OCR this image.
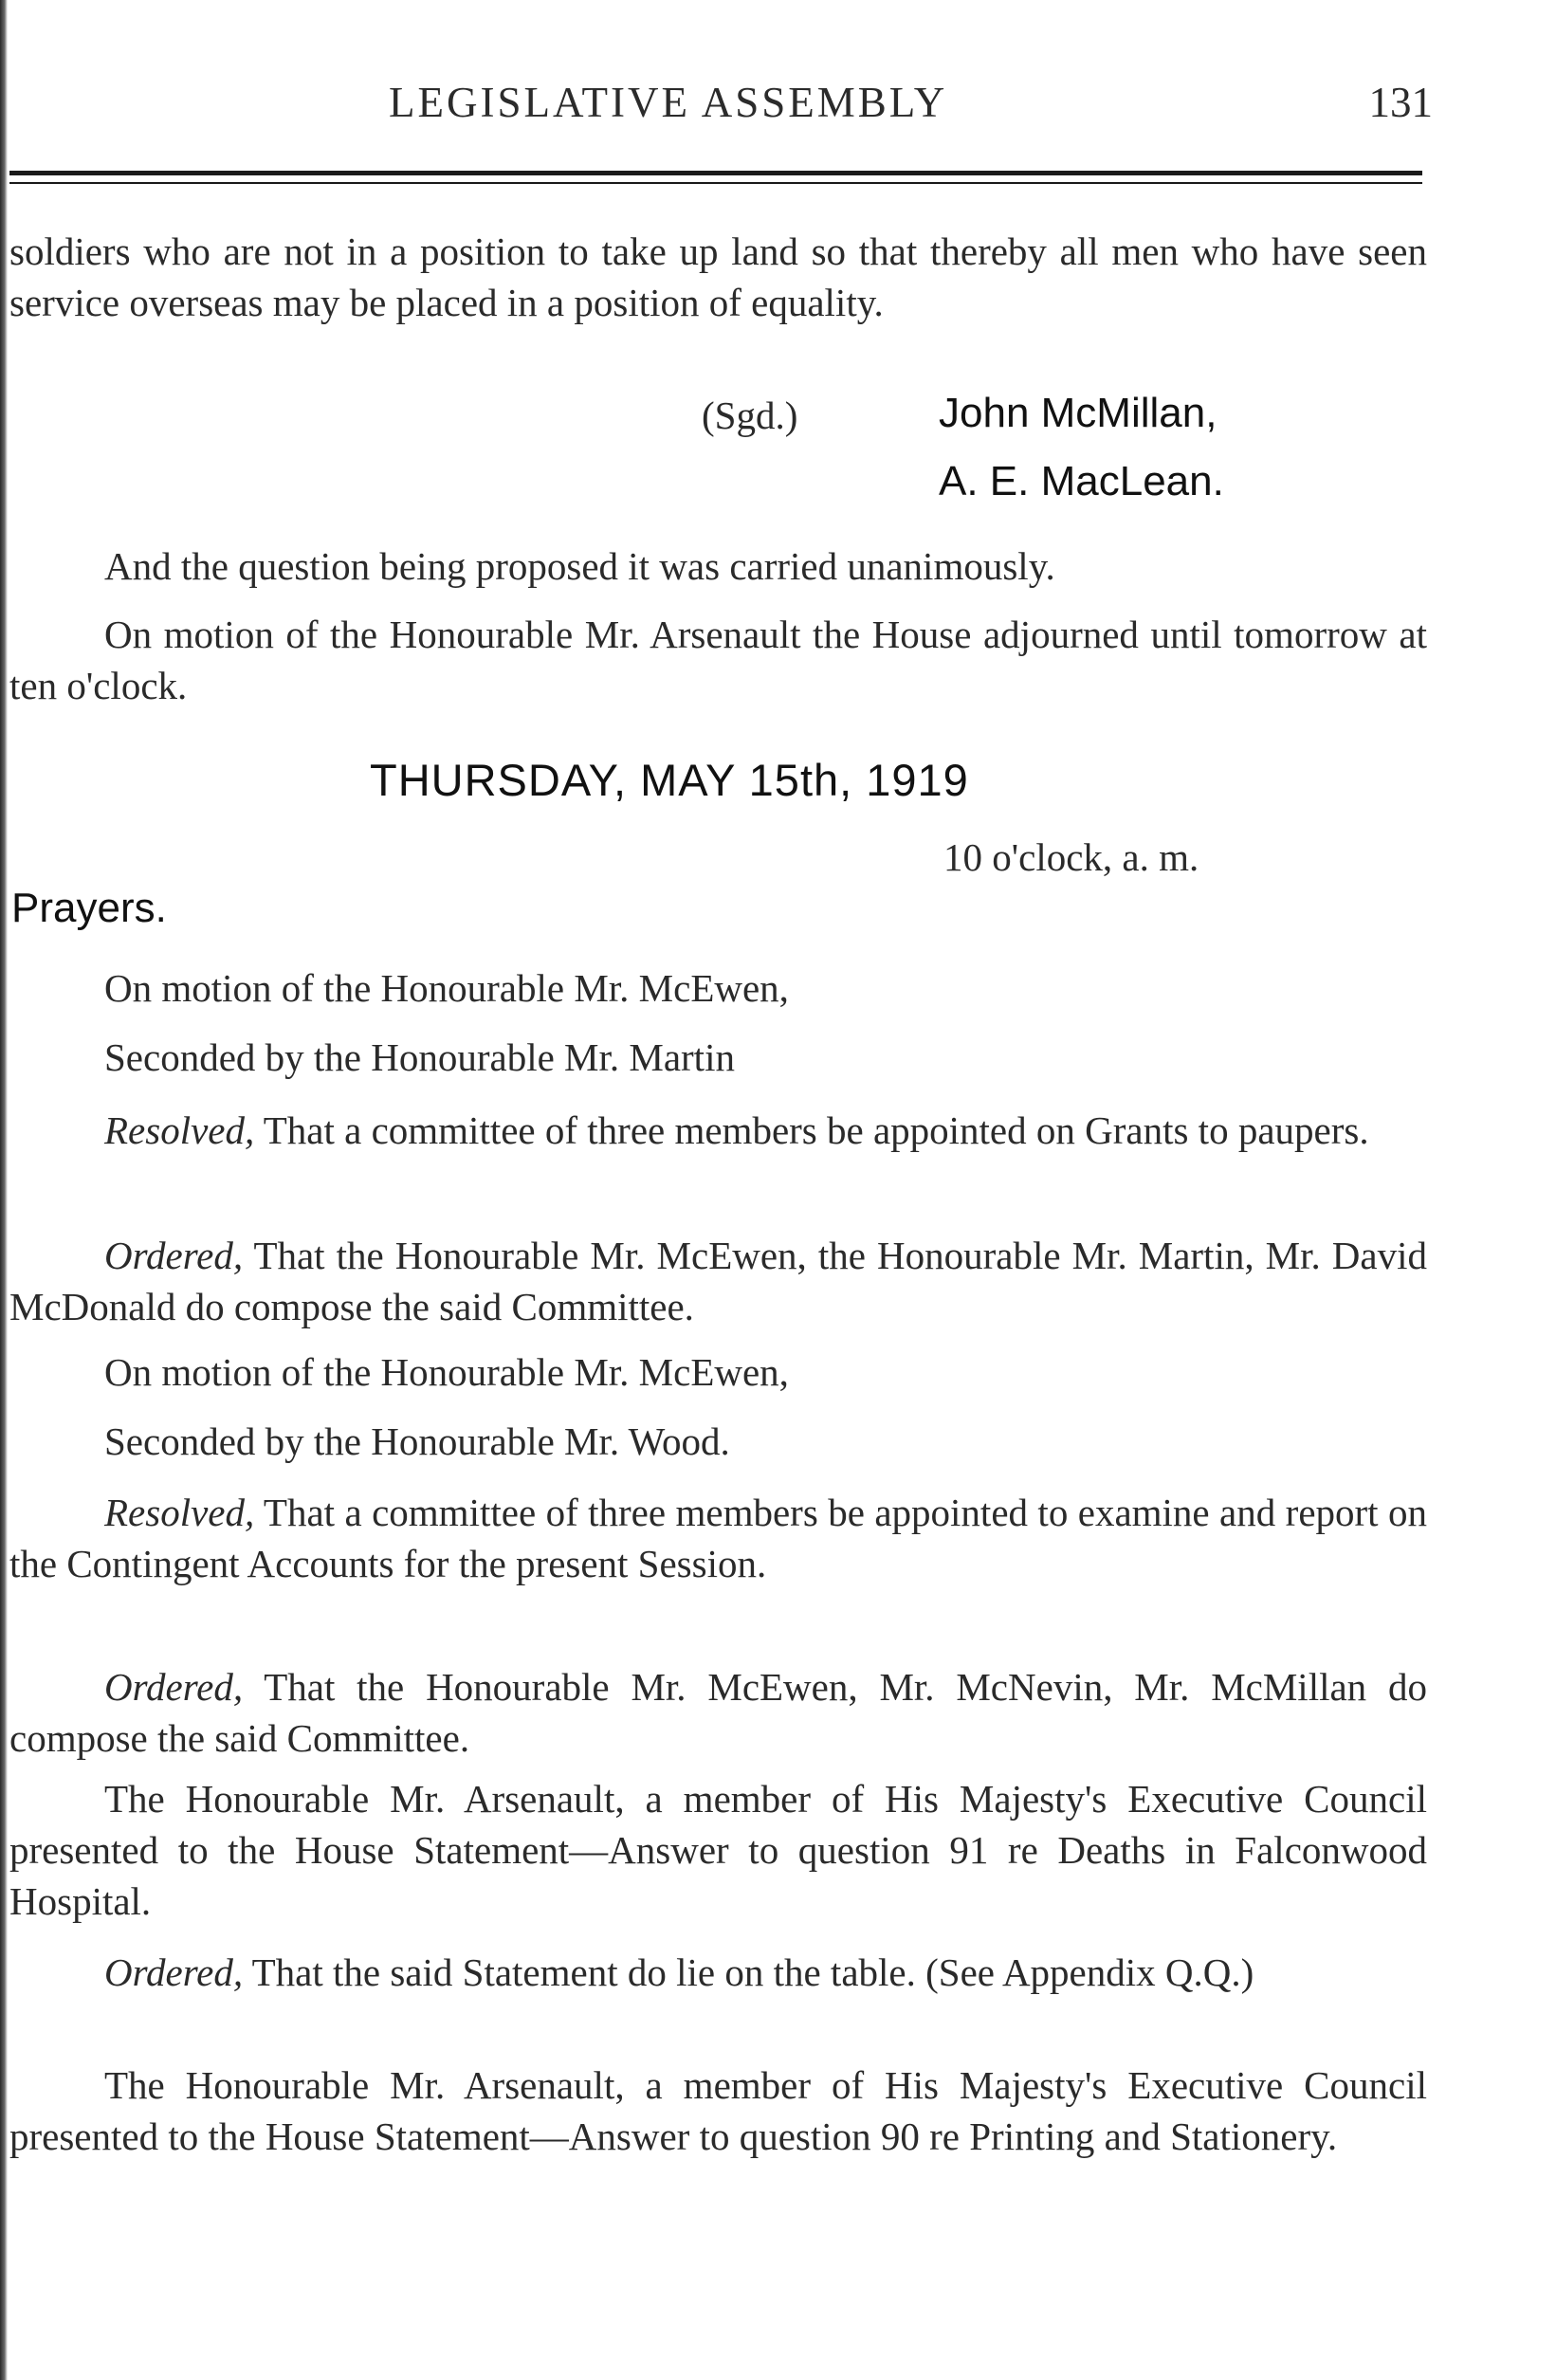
LEGISLATIVE ASSEMBLY	131
soldiers who are not in a position to take up land so that thereby all men who have seen service overseas may be placed in a position of equality.
(Sgd.)	John McMillan,
A. E. MacLean.
And the question being proposed it was carried unanimously.
On motion of the Honourable Mr. Arsenault the House adjourned until tomorrow at ten o'clock.
THURSDAY, MAY 15th, 1919
10 o'clock, a. m.
Prayers.
On motion of the Honourable Mr. McEwen,
Seconded by the Honourable Mr. Martin
Resolved, That a committee of three members be appointed on Grants to paupers.
Ordered, That the Honourable Mr. McEwen, the Honourable Mr. Martin, Mr. David McDonald do compose the said Committee.
On motion of the Honourable Mr. McEwen,
Seconded by the Honourable Mr. Wood.
Resolved, That a committee of three members be appointed to examine and report on the Contingent Accounts for the present Session.
Ordered, That the Honourable Mr. McEwen, Mr. McNevin, Mr. McMillan do compose the said Committee.
The Honourable Mr. Arsenault, a member of His Majesty's Executive Council presented to the House Statement—Answer to question 91 re Deaths in Falconwood Hospital.
Ordered, That the said Statement do lie on the table. (See Appendix Q.Q.)
The Honourable Mr. Arsenault, a member of His Majesty's Executive Council presented to the House Statement—Answer to question 90 re Printing and Stationery.
